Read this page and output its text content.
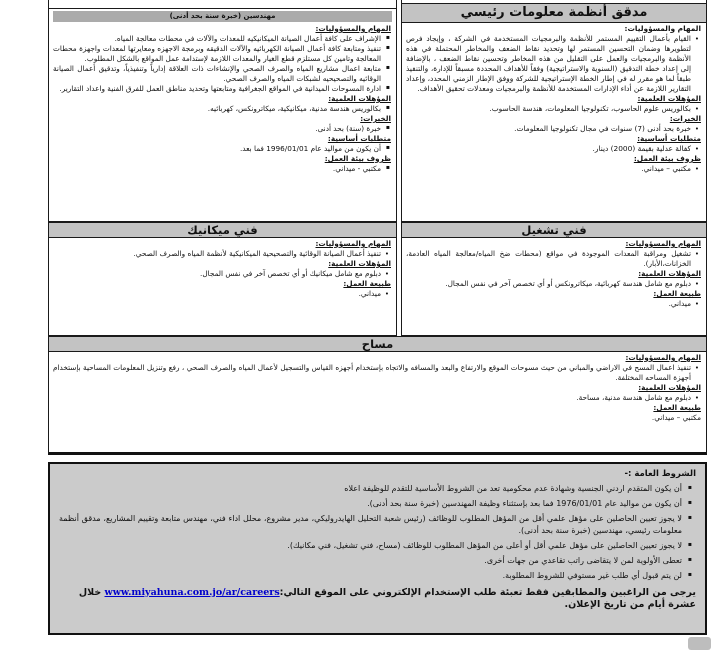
مهندسين (خبرة سنة بحد أدنى)
المهام والمسؤوليات:
▪ الإشراف على كافة أعمال الصيانة الميكانيكيه للمعدات والآلات في محطات معالجة المياه.
▪ تنفيذ ومتابعة كافة أعمال الصيانة الكهربائيه والآلات الدقيقه وبرمجة الاجهزه ومعايرتها لمعدات واجهزة محطات المعالجة وتامين كل مستلزم قطع الغيار والمعدات اللازمة لإستدامة عمل المواقع بالشكل المطلوب.
▪ متابعة اعمال مشاريع المياه والصرف الصحي والإنشاءات ذات العلاقة إدارياً وتنفيذياً، وتدقيق أعمال الصيانة الوقائيه والتصحيحيه لشبكات المياه والصرف الصحي.
▪ ادارة المسوحات الميدانية في المواقع الجغرافية ومتابعتها وتحديد مناطق العمل للفرق الفنية واعداد التقارير.
المؤهلات العلمية:
▪ بكالوريس هندسة مدنية، ميكانيكية، ميكاترونكس، كهربائيه.
الخبرات:
▪ خبرة (سنة) بحد أدنى.
متطلبات أساسية:
▪ أن يكون من مواليد عام 1996/01/01 فما بعد.
ظروف بيئة العمل:
▪ مكتبي - ميداني.
مدقق أنظمة معلومات رئيسي
المهام والمسؤوليات:
• القيام بأعمال التقييم المستمر للأنظمة والبرمجيات المستخدمة في الشركة ، وإيجاد فرص لتطويرها وضمان التحسين المستمر لها وتحديد نقاط الضعف والمخاطر المحتملة في هذه الأنظمة والبرمجيات والعمل على التقليل من هذه المخاطر وتحسين نقاط الضعف ، بالإضافة إلى إعداد خطة التدقيق (السنوية والاستراتيجية) وفقاً للأهداف المحددة مسبقاً للإدارة، والتنفيذ طبقاً لما هو مقرر له في إطار الخطة الإستراتيجية للشركة ووفق الإطار الزمني المحدد، وإعداد التقارير اللازمة عن أداء الإدارات المستخدمة للأنظمة والبرمجيات ومعدلات تحقيق الأهداف.
المؤهلات العلمية:
• بكالوريس علوم الحاسوب، تكنولوجيا المعلومات، هندسة الحاسوب.
الخبرات:
• خبرة بحد أدنى (7) سنوات في مجال تكنولوجيا المعلومات.
متطلبات أساسية:
• كفالة عدلية بقيمة (2000) دينار.
ظروف بيئة العمل:
• مكتبي – ميداني.
فني ميكانيك
المهام والمسؤوليات:
• تنفيذ أعمال الصيانة الوقائية والتصحيحية الميكانيكية لأنظمة المياه والصرف الصحي.
المؤهلات العلمية:
• دبلوم مع شامل ميكانيك أو أي تخصص آخر في نفس المجال.
طبيعة العمل:
• ميداني.
فني تشغيل
المهام والمسؤوليات:
• تشغيل ومراقبة المعدات الموجودة في مواقع (محطات ضخ المياه/معالجة المياه العادمة، الخزانات،الأبار).
المؤهلات العلمية:
• دبلوم مع شامل هندسة كهربائية، ميكاترونكس أو أي تخصص آخر في نفس المجال.
طبيعة العمل:
• ميداني.
مساح
المهام والمسؤوليات:
• تنفيذ اعمال المسح في الاراضي والمباني من حيث مسوحات الموقع والارتفاع والبعد والمسافه والاتجاه بإستخدام أجهزه القياس والتسجيل لأعمال المياه والصرف الصحي ، رفع وتنزيل المعلومات المساحية بإستخدام أجهزة المساحه المختلفة.
المؤهلات العلمية:
• دبلوم مع شامل هندسة مدنية، مساحة.
طبيعة العمل:
مكتبي – ميداني.
الشروط العامة :-
▪ أن يكون المتقدم اردني الجنسية وشهادة عدم محكومية تعد من الشروط الأساسية للتقدم للوظيفة اعلاه
▪ أن يكون من مواليد عام 1976/01/01 فما بعد بإستثناء وظيفة المهندسين (خبرة سنة بحد أدنى).
▪ لا يجوز تعيين الحاصلين على مؤهل علمي أقل من المؤهل المطلوب للوظائف (رئيس شعبة التحليل الهايدروليكي، مدير مشروع، محلل اداء فني، مهندس متابعة وتقييم المشاريع، مدقق أنظمة معلومات رئيسي، مهندسين (خبرة سنة بحد أدنى).
▪ لا يجوز تعيين الحاصلين على مؤهل علمي أقل أو أعلى من المؤهل المطلوب للوظائف (مساح، فني تشغيل، فني مكانيك).
▪ تعطى الأولوية لمن لا يتقاضى راتب تقاعدي من جهات أخرى.
▪ لن يتم قبول أي طلب غير مستوفي للشروط المطلوبة.
يرجى من الراغبين والمطابقين فقط تعبئة طلب الإستخدام الإلكتروني على الموقع التالي:www.miyahuna.com.jo/ar/careers خلال عشرة أيام من تاريخ الإعلان.
